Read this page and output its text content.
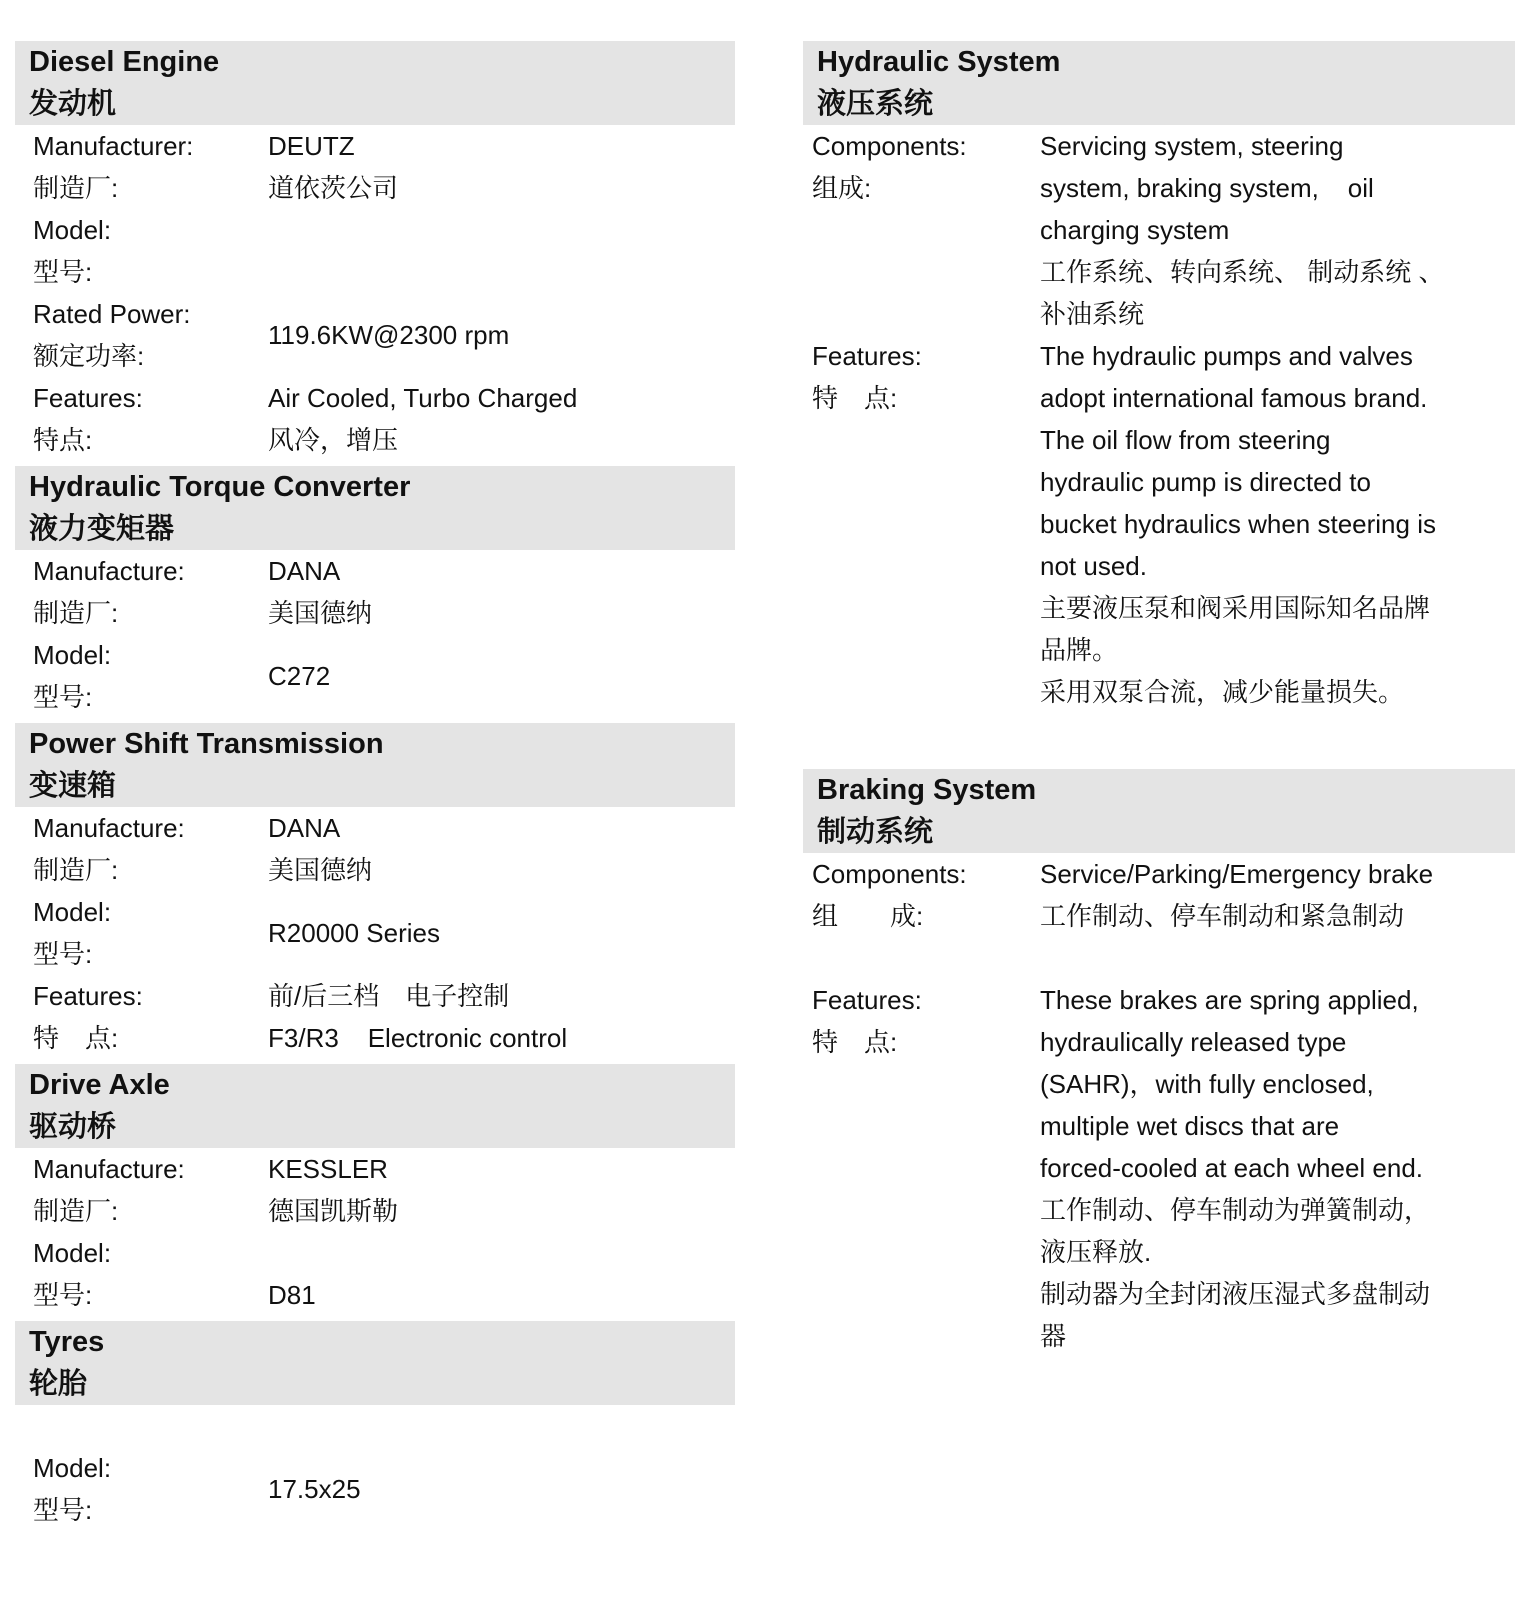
Diesel Engine
发动机
Manufacturer:
制造厂:
DEUTZ
道依茨公司
Model:
型号:
Rated Power:
额定功率:
119.6KW@2300 rpm
Features:
特点:
Air Cooled, Turbo Charged
风冷，增压
Hydraulic Torque Converter
液力变矩器
Manufacture:
制造厂:
DANA
美国德纳
Model:
型号:
C272
Power Shift Transmission
变速箱
Manufacture:
制造厂:
DANA
美国德纳
Model:
型号:
R20000 Series
Features:
特　点:
前/后三档　电子控制
F3/R3    Electronic control
Drive Axle
驱动桥
Manufacture:
制造厂:
KESSLER
德国凯斯勒
Model:
型号:	D81
Tyres
轮胎
Model:
型号:
17.5x25
Hydraulic System
液压系统
Components:
组成:
Servicing system, steering
system, braking system,    oil
charging system
工作系统、转向系统、 制动系统 、
补油系统
Features:
特　点:
The hydraulic pumps and valves
adopt international famous brand.
The oil flow from steering
hydraulic pump is directed to
bucket hydraulics when steering is
not used.
主要液压泵和阀采用国际知名品牌
品牌。
采用双泵合流，减少能量损失。
Braking System
制动系统
Components:
组　　成:
Service/Parking/Emergency brake
工作制动、停车制动和紧急制动
Features:
特　点:
These brakes are spring applied,
hydraulically released type
(SAHR)，with fully enclosed,
multiple wet discs that are
forced-cooled at each wheel end.
工作制动、停车制动为弹簧制动，
液压释放.
制动器为全封闭液压湿式多盘制动
器
